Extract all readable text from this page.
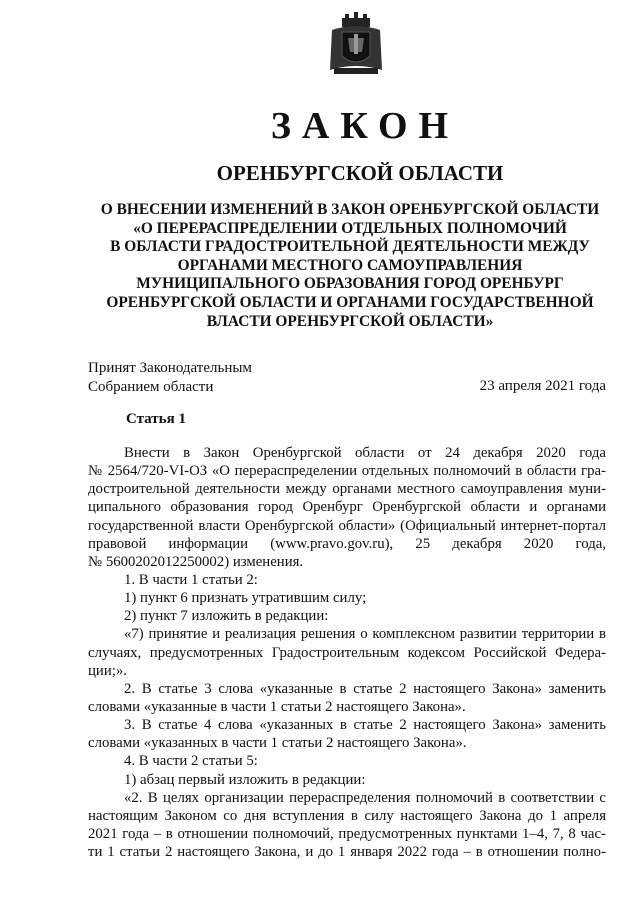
ЗАКОН
ОРЕНБУРГСКОЙ ОБЛАСТИ
О ВНЕСЕНИИ ИЗМЕНЕНИЙ В ЗАКОН ОРЕНБУРГСКОЙ ОБЛАСТИ
«О ПЕРЕРАСПРЕДЕЛЕНИИ ОТДЕЛЬНЫХ ПОЛНОМОЧИЙ
В ОБЛАСТИ ГРАДОСТРОИТЕЛЬНОЙ ДЕЯТЕЛЬНОСТИ МЕЖДУ
ОРГАНАМИ МЕСТНОГО САМОУПРАВЛЕНИЯ
МУНИЦИПАЛЬНОГО ОБРАЗОВАНИЯ ГОРОД ОРЕНБУРГ
ОРЕНБУРГСКОЙ ОБЛАСТИ И ОРГАНАМИ ГОСУДАРСТВЕННОЙ
ВЛАСТИ ОРЕНБУРГСКОЙ ОБЛАСТИ»
Принят Законодательным
Собранием области	23 апреля 2021 года
Статья 1
Внести в Закон Оренбургской области от 24 декабря 2020 года
№ 2564/720-VI-ОЗ «О перераспределении отдельных полномочий в области гра-
достроительной деятельности между органами местного самоуправления муни-
ципального образования город Оренбург Оренбургской области и органами
государственной власти Оренбургской области» (Официальный интернет-портал
правовой информации (www.pravo.gov.ru), 25 декабря 2020 года,
№ 5600202012250002) изменения.
1. В части 1 статьи 2:
1) пункт 6 признать утратившим силу;
2) пункт 7 изложить в редакции:
«7) принятие и реализация решения о комплексном развитии территории в
случаях, предусмотренных Градостроительным кодексом Российской Федера-
ции;».
2. В статье 3 слова «указанные в статье 2 настоящего Закона» заменить
словами «указанные в части 1 статьи 2 настоящего Закона».
3. В статье 4 слова «указанных в статье 2 настоящего Закона» заменить
словами «указанных в части 1 статьи 2 настоящего Закона».
4. В части 2 статьи 5:
1) абзац первый изложить в редакции:
«2. В целях организации перераспределения полномочий в соответствии с
настоящим Законом со дня вступления в силу настоящего Закона до 1 апреля
2021 года – в отношении полномочий, предусмотренных пунктами 1–4, 7, 8 час-
ти 1 статьи 2 настоящего Закона, и до 1 января 2022 года – в отношении полно-
